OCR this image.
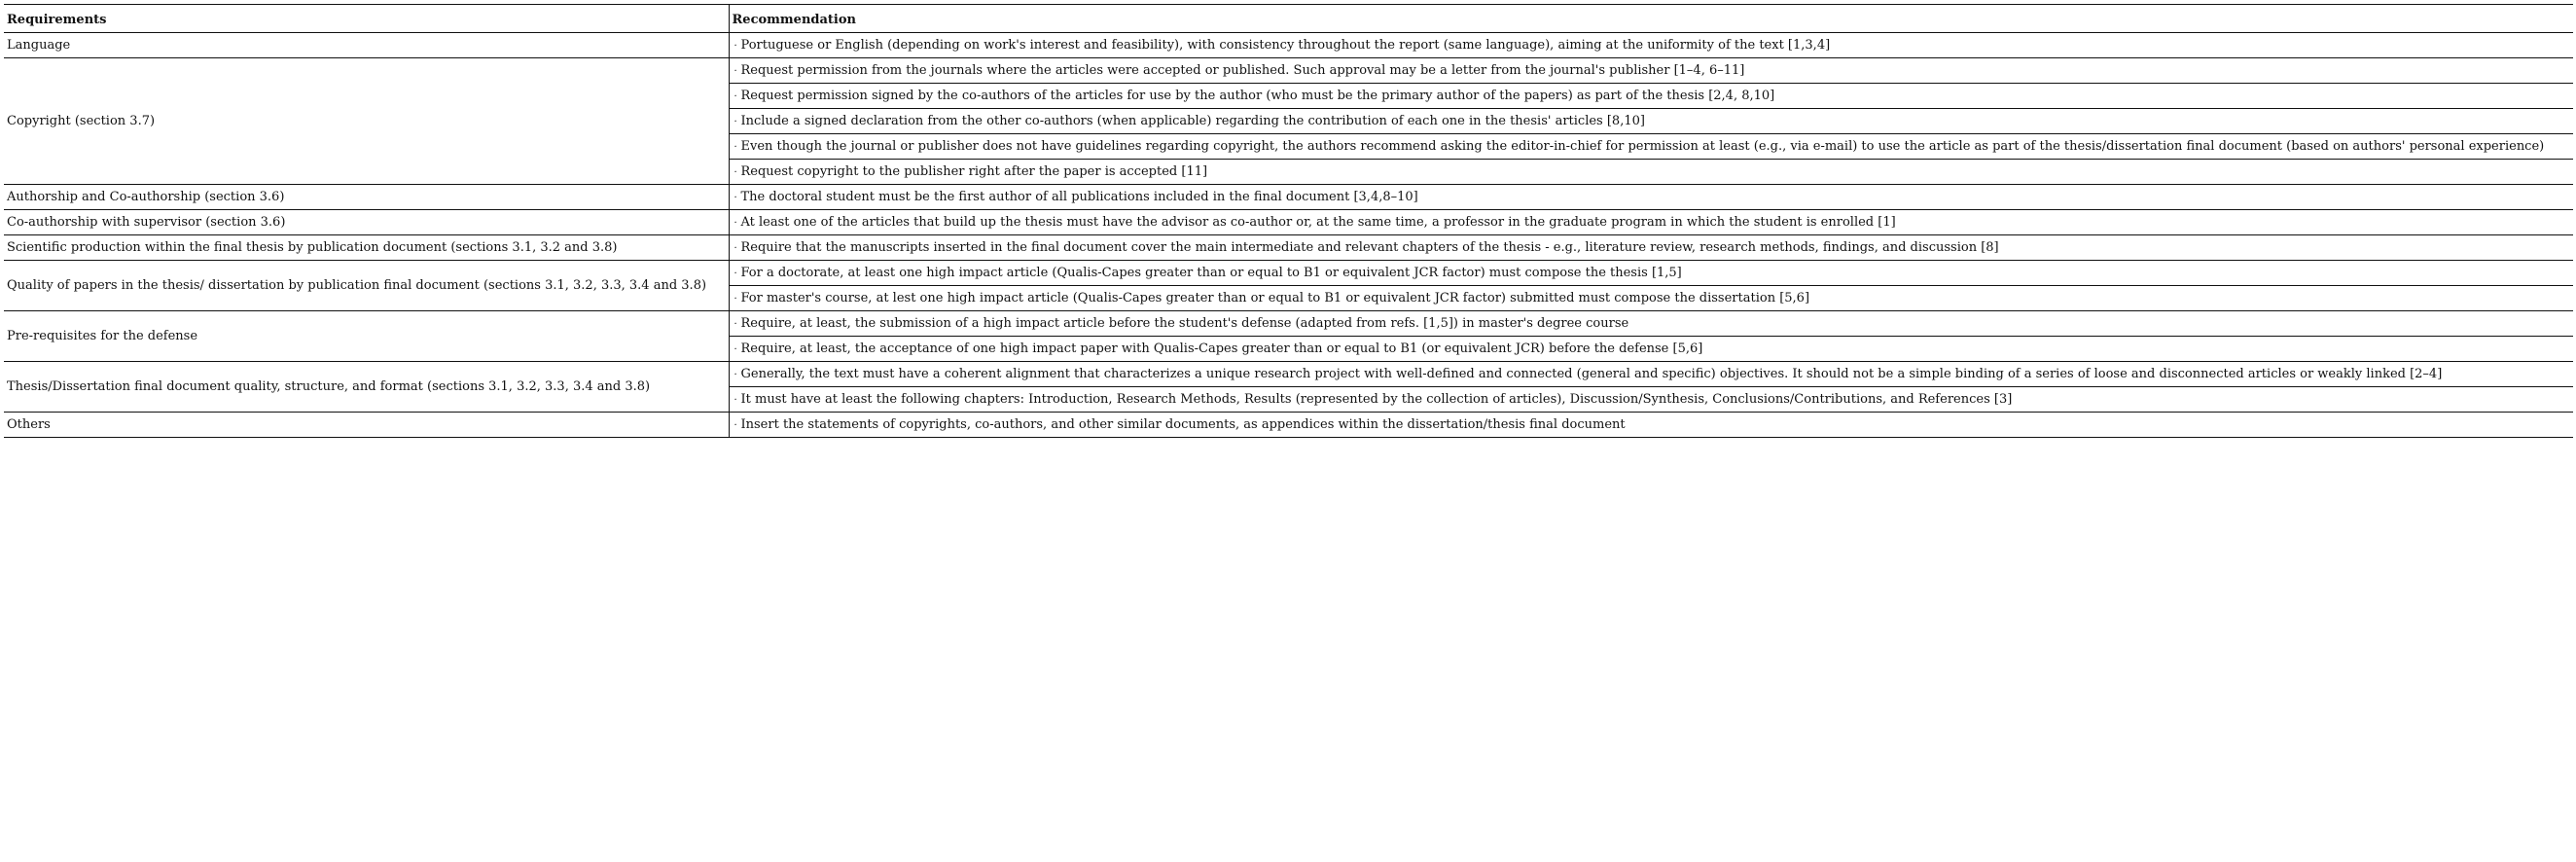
Requirements	Recommendation
Language	· Portuguese or English (depending on work's interest and feasibility), with consistency throughout the report (same language), aiming at the uniformity of the text [1,3,4]

Copyright (section 3.7)	· Request permission from the journals where the articles were accepted or published. Such approval may be a letter from the journal's publisher [1–4, 6–11]
· Request permission signed by the co-authors of the articles for use by the author (who must be the primary author of the papers) as part of the thesis [2,4, 8,10]
· Include a signed declaration from the other co-authors (when applicable) regarding the contribution of each one in the thesis' articles [8,10]
· Even though the journal or publisher does not have guidelines regarding copyright, the authors recommend asking the editor-in-chief for permission at least (e.g., via e-mail) to use the article as part of the thesis/dissertation final document (based on authors' personal experience)
· Request copyright to the publisher right after the paper is accepted [11]

Authorship and Co-authorship (section 3.6)	· The doctoral student must be the first author of all publications included in the final document [3,4,8–10]

Co-authorship with supervisor (section 3.6)	· At least one of the articles that build up the thesis must have the advisor as co-author or, at the same time, a professor in the graduate program in which the student is enrolled [1]

Scientific production within the final thesis by publication document (sections 3.1, 3.2 and 3.8)	· Require that the manuscripts inserted in the final document cover the main intermediate and relevant chapters of the thesis - e.g., literature review, research methods, findings, and discussion [8]

Quality of papers in the thesis/ dissertation by publication final document (sections 3.1, 3.2, 3.3, 3.4 and 3.8)	· For a doctorate, at least one high impact article (Qualis-Capes greater than or equal to B1 or equivalent JCR factor) must compose the thesis [1,5]
· For master's course, at lest one high impact article (Qualis-Capes greater than or equal to B1 or equivalent JCR factor) submitted must compose the dissertation [5,6]

Pre-requisites for the defense	· Require, at least, the submission of a high impact article before the student's defense (adapted from refs. [1,5]) in master's degree course
· Require, at least, the acceptance of one high impact paper with Qualis-Capes greater than or equal to B1 (or equivalent JCR) before the defense [5,6]

Thesis/Dissertation final document quality, structure, and format (sections 3.1, 3.2, 3.3, 3.4 and 3.8)	· Generally, the text must have a coherent alignment that characterizes a unique research project with well-defined and connected (general and specific) objectives. It should not be a simple binding of a series of loose and disconnected articles or weakly linked [2–4]
· It must have at least the following chapters: Introduction, Research Methods, Results (represented by the collection of articles), Discussion/Synthesis, Conclusions/Contributions, and References [3]

Others	· Insert the statements of copyrights, co-authors, and other similar documents, as appendices within the dissertation/thesis final document
